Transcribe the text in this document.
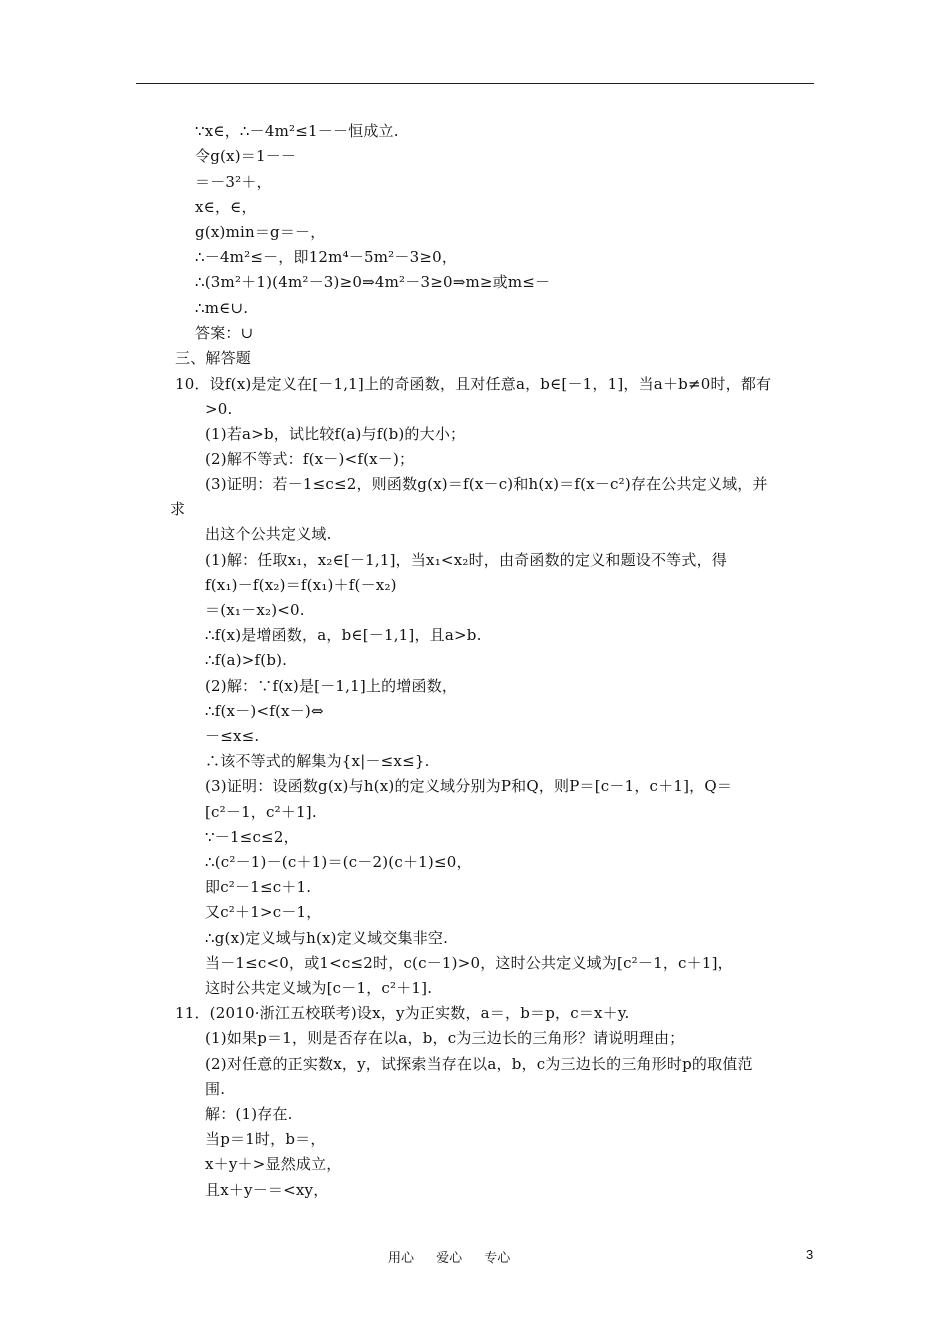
∵x∈，∴－4m²≤1－－恒成立.
令g(x)＝1－－
＝－3²＋，
x∈，∈，
g(x)min＝g＝－，
∴－4m²≤－，即12m⁴－5m²－3≥0，
∴(3m²＋1)(4m²－3)≥0⇒4m²－3≥0⇒m≥或m≤－
∴m∈∪.
答案：∪
三、解答题
10．设f(x)是定义在[－1,1]上的奇函数，且对任意a，b∈[－1，1]，当a＋b≠0时，都有
>0.
(1)若a>b，试比较f(a)与f(b)的大小；
(2)解不等式：f(x－)<f(x－)；
(3)证明：若－1≤c≤2，则函数g(x)＝f(x－c)和h(x)＝f(x－c²)存在公共定义域，并
求
出这个公共定义域.
(1)解：任取x₁，x₂∈[－1,1]，当x₁<x₂时，由奇函数的定义和题设不等式，得
f(x₁)－f(x₂)＝f(x₁)＋f(－x₂)
＝(x₁－x₂)<0.
∴f(x)是增函数，a，b∈[－1,1]，且a>b.
∴f(a)>f(b).
(2)解：∵f(x)是[－1,1]上的增函数，
∴f(x－)<f(x－)⇔
－≤x≤.
∴该不等式的解集为{x|－≤x≤}.
(3)证明：设函数g(x)与h(x)的定义域分别为P和Q，则P＝[c－1，c＋1]，Q＝
[c²－1，c²＋1].
∵－1≤c≤2，
∴(c²－1)－(c＋1)＝(c－2)(c＋1)≤0，
即c²－1≤c＋1.
又c²＋1>c－1，
∴g(x)定义域与h(x)定义域交集非空.
当－1≤c<0，或1<c≤2时，c(c－1)>0，这时公共定义域为[c²－1，c＋1]，
这时公共定义域为[c－1，c²＋1].
11．(2010·浙江五校联考)设x，y为正实数，a＝，b＝p，c＝x＋y.
(1)如果p＝1，则是否存在以a，b，c为三边长的三角形？请说明理由；
(2)对任意的正实数x，y，试探索当存在以a，b，c为三边长的三角形时p的取值范
围.
解：(1)存在.
当p＝1时，b＝，
x＋y＋>显然成立，
且x＋y－＝<xy，
用心 爱心 专心	3
